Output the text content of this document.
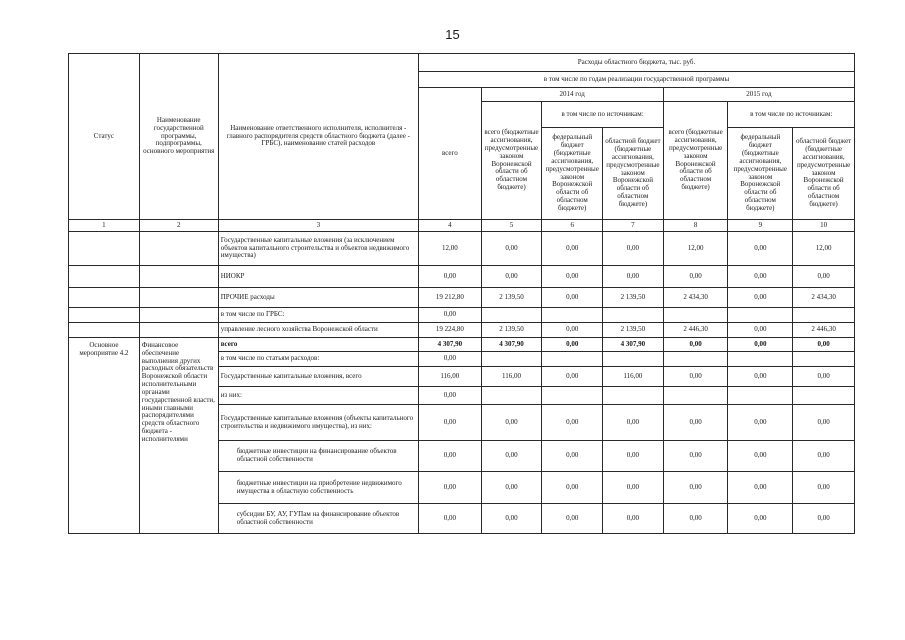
15
Статус	Наименование государственной программы, подпрограммы, основного мероприятия	Наименование ответственного исполнителя, исполнителя - главного распорядителя средств областного бюджета (далее - ГРБС), наименование статей расходов	Расходы областного бюджета, тыс. руб.						
			в том числе по годам реализации государственной программы						
			всего	2014 год			2015 год		
				всего (бюджетные ассигнования, предусмотренные законом Воронежской области об областном бюджете)	в том числе по источникам:		всего (бюджетные ассигнования, предусмотренные законом Воронежской области об областном бюджете)	в том числе по источникам:	
					федеральный бюджет (бюджетные ассигнования, предусмотренные законом Воронежской области об областном бюджете)	областной бюджет (бюджетные ассигнования, предусмотренные законом Воронежской области об областном бюджете)		федеральный бюджет (бюджетные ассигнования, предусмотренные законом Воронежской области об областном бюджете)	областной бюджет (бюджетные ассигнования, предусмотренные законом Воронежской области об областном бюджете)
1	2	3	4	5	6	7	8	9	10
		Государственные капитальные вложения (за исключением объектов капитального строительства и объектов недвижимого имущества)	12,00	0,00	0,00	0,00	12,00	0,00	12,00
		НИОКР	0,00	0,00	0,00	0,00	0,00	0,00	0,00
		ПРОЧИЕ расходы	19 212,80	2 139,50	0,00	2 139,50	2 434,30	0,00	2 434,30
		в том числе по ГРБС:	0,00						
		управление лесного хозяйства Воронежской области	19 224,80	2 139,50	0,00	2 139,50	2 446,30	0,00	2 446,30
Основное мероприятие 4.2	Финансовое обеспечение выполнения других расходных обязательств Воронежской области исполнительными органами государственной власти, иными главными распорядителями средств областного бюджета - исполнителями	всего	4 307,90	4 307,90	0,00	4 307,90	0,00	0,00	0,00
		в том числе по статьям расходов:	0,00						
		Государственные капитальные вложения, всего	116,00	116,00	0,00	116,00	0,00	0,00	0,00
		из них:	0,00						
		Государственные капитальные вложения (объекты капитального строительства и недвижимого имущества), из них:	0,00	0,00	0,00	0,00	0,00	0,00	0,00
		бюджетные инвестиции на финансирование объектов областной собственности	0,00	0,00	0,00	0,00	0,00	0,00	0,00
		бюджетные инвестиции на приобретение недвижимого имущества в областную собственность	0,00	0,00	0,00	0,00	0,00	0,00	0,00
		субсидии БУ, АУ, ГУПам на финансирование объектов областной собственности	0,00	0,00	0,00	0,00	0,00	0,00	0,00
